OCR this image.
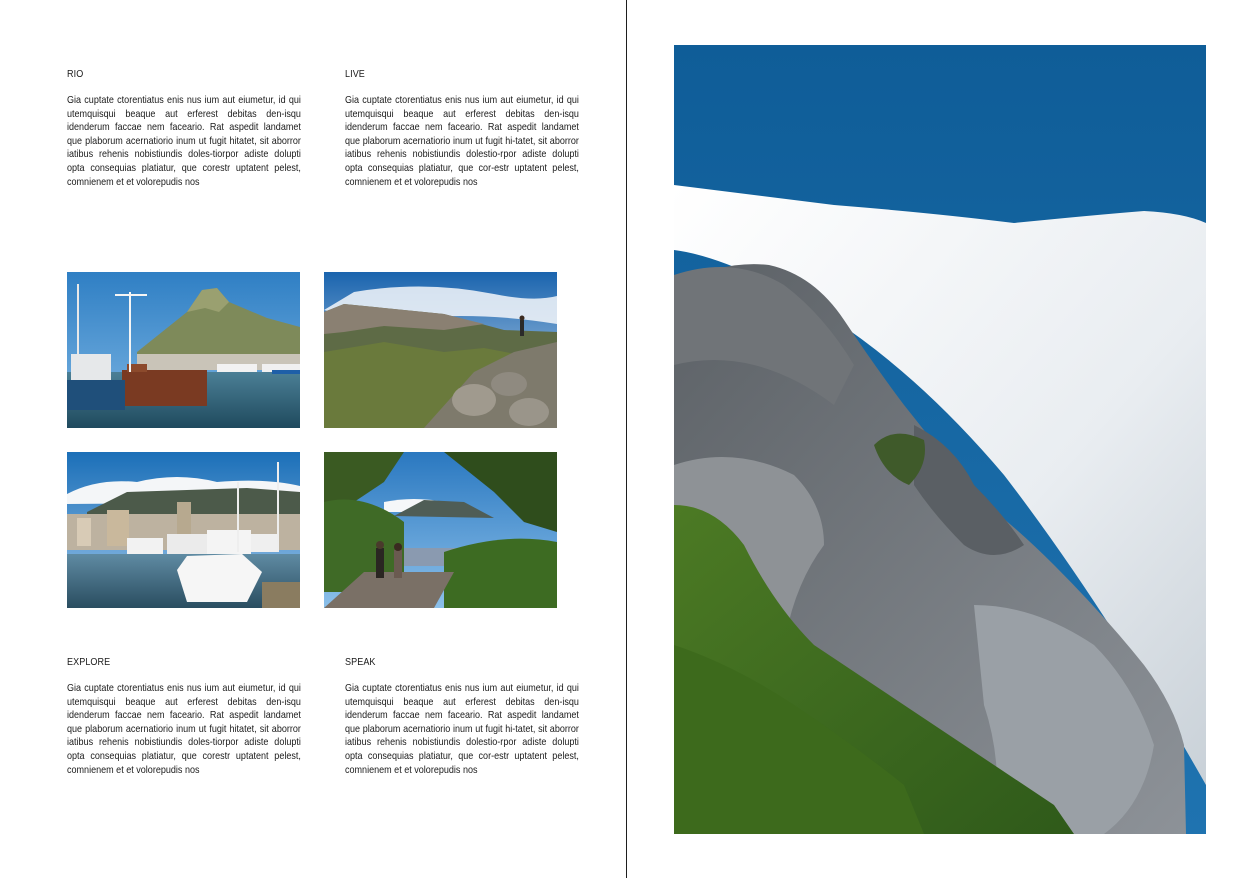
RIO

Gia cuptate ctorentiatus enis nus ium aut eiumetur, id qui utemquisqui beaque aut erferest debitas den-isqu idenderum faccae nem faceario. Rat aspedit landamet que plaborum acernatiorio inum ut fugit hitatet, sit aborror iatibus rehenis nobistiundis doles-tiorpor adiste dolupti opta consequias platiatur, que corestr uptatent pelest, comnienem et et volorepudis nos

LIVE

Gia cuptate ctorentiatus enis nus ium aut eiumetur, id qui utemquisqui beaque aut erferest debitas den-isqu idenderum faccae nem faceario. Rat aspedit landamet que plaborum acernatiorio inum ut fugit hi-tatet, sit aborror iatibus rehenis nobistiundis dolestio-rpor adiste dolupti opta consequias platiatur, que cor-estr uptatent pelest, comnienem et et volorepudis nos

EXPLORE

Gia cuptate ctorentiatus enis nus ium aut eiumetur, id qui utemquisqui beaque aut erferest debitas den-isqu idenderum faccae nem faceario. Rat aspedit landamet que plaborum acernatiorio inum ut fugit hitatet, sit aborror iatibus rehenis nobistiundis doles-tiorpor adiste dolupti opta consequias platiatur, que corestr uptatent pelest, comnienem et et volorepudis nos

SPEAK

Gia cuptate ctorentiatus enis nus ium aut eiumetur, id qui utemquisqui beaque aut erferest debitas den-isqu idenderum faccae nem faceario. Rat aspedit landamet que plaborum acernatiorio inum ut fugit hi-tatet, sit aborror iatibus rehenis nobistiundis dolestio-rpor adiste dolupti opta consequias platiatur, que cor-estr uptatent pelest, comnienem et et volorepudis nos
